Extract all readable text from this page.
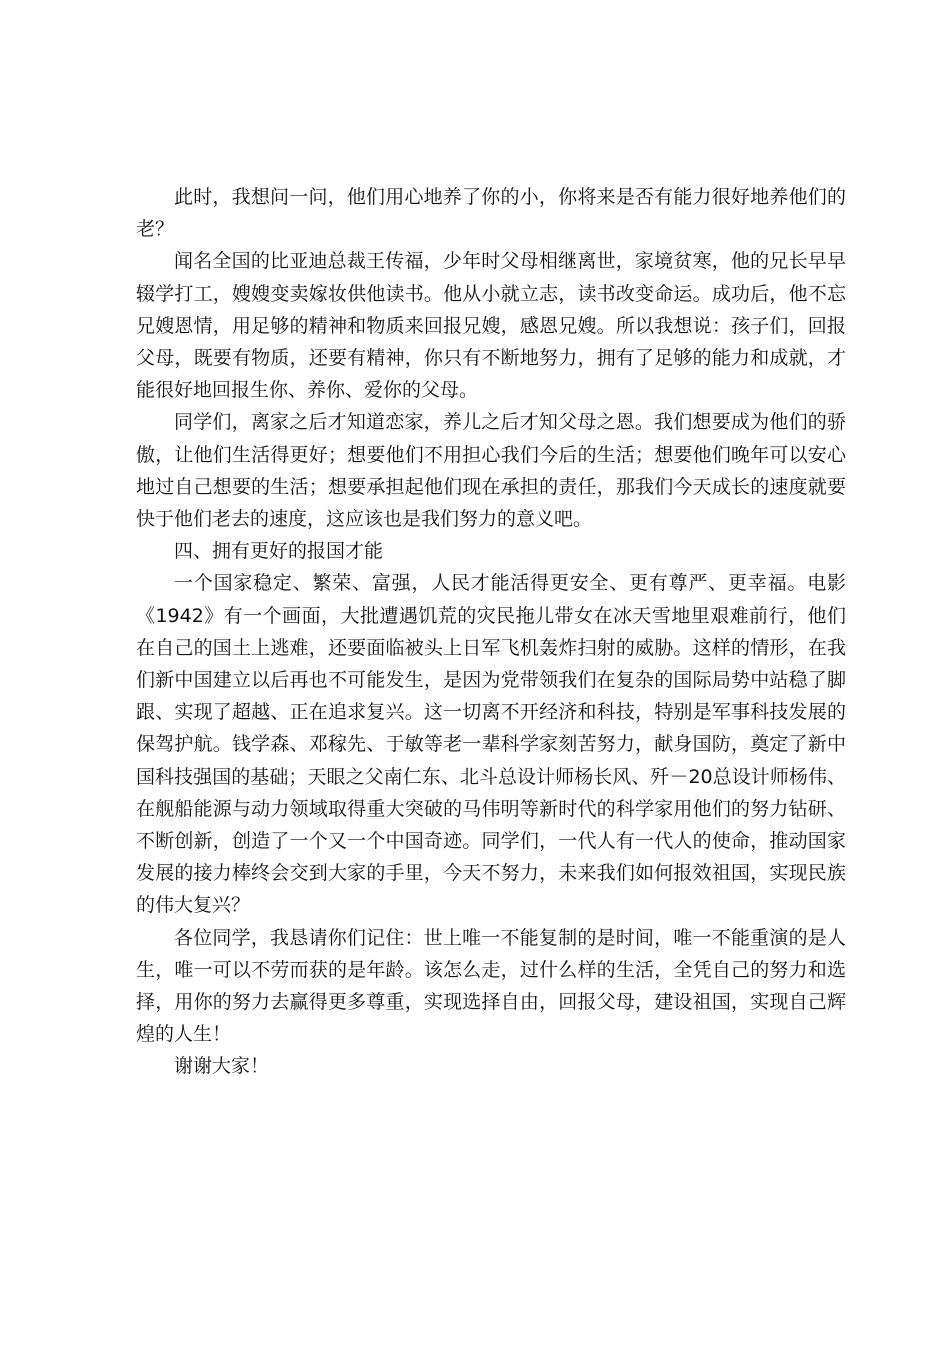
此时，我想问一问，他们用心地养了你的小，你将来是否有能力很好地养他们的老？

闻名全国的比亚迪总裁王传福，少年时父母相继离世，家境贫寒，他的兄长早早辍学打工，嫂嫂变卖嫁妆供他读书。他从小就立志，读书改变命运。成功后，他不忘兄嫂恩情，用足够的精神和物质来回报兄嫂，感恩兄嫂。所以我想说：孩子们，回报父母，既要有物质，还要有精神，你只有不断地努力，拥有了足够的能力和成就，才能很好地回报生你、养你、爱你的父母。

同学们，离家之后才知道恋家，养儿之后才知父母之恩。我们想要成为他们的骄傲，让他们生活得更好；想要他们不用担心我们今后的生活；想要他们晚年可以安心地过自己想要的生活；想要承担起他们现在承担的责任，那我们今天成长的速度就要快于他们老去的速度，这应该也是我们努力的意义吧。

四、拥有更好的报国才能

一个国家稳定、繁荣、富强，人民才能活得更安全、更有尊严、更幸福。电影《1942》有一个画面，大批遭遇饥荒的灾民拖儿带女在冰天雪地里艰难前行，他们在自己的国土上逃难，还要面临被头上日军飞机轰炸扫射的威胁。这样的情形，在我们新中国建立以后再也不可能发生，是因为党带领我们在复杂的国际局势中站稳了脚跟、实现了超越、正在追求复兴。这一切离不开经济和科技，特别是军事科技发展的保驾护航。钱学森、邓稼先、于敏等老一辈科学家刻苦努力，献身国防，奠定了新中国科技强国的基础；天眼之父南仁东、北斗总设计师杨长风、歼－20总设计师杨伟、在舰船能源与动力领域取得重大突破的马伟明等新时代的科学家用他们的努力钻研、不断创新，创造了一个又一个中国奇迹。同学们，一代人有一代人的使命，推动国家发展的接力棒终会交到大家的手里，今天不努力，未来我们如何报效祖国，实现民族的伟大复兴？

各位同学，我恳请你们记住：世上唯一不能复制的是时间，唯一不能重演的是人生，唯一可以不劳而获的是年龄。该怎么走，过什么样的生活，全凭自己的努力和选择，用你的努力去赢得更多尊重，实现选择自由，回报父母，建设祖国，实现自己辉煌的人生！

谢谢大家！
